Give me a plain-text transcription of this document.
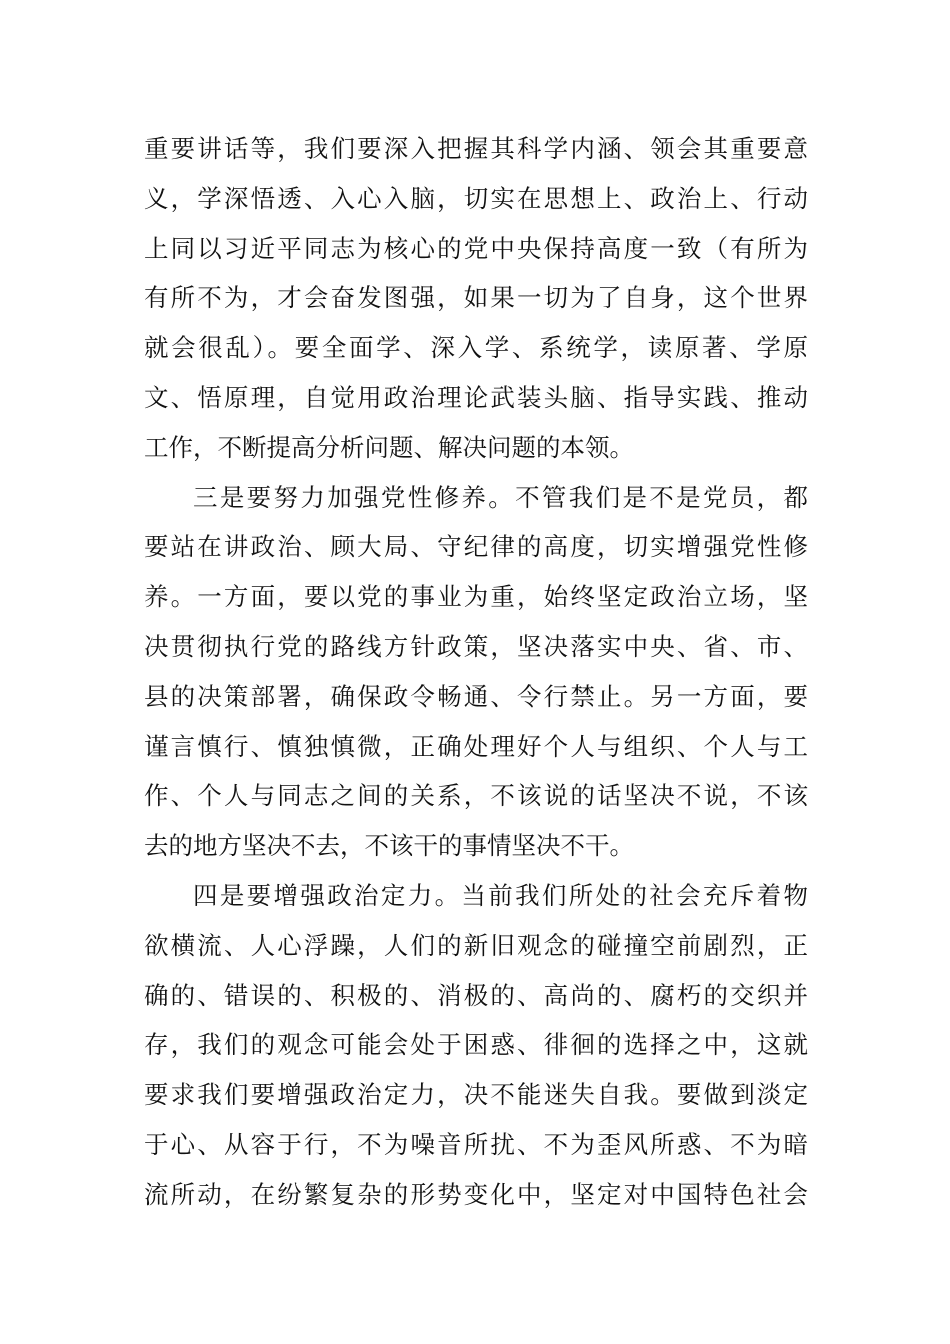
重要讲话等，我们要深入把握其科学内涵、领会其重要意
义，学深悟透、入心入脑，切实在思想上、政治上、行动
上同以习近平同志为核心的党中央保持高度一致（有所为
有所不为，才会奋发图强，如果一切为了自身，这个世界
就会很乱）。要全面学、深入学、系统学，读原著、学原
文、悟原理，自觉用政治理论武装头脑、指导实践、推动
工作，不断提高分析问题、解决问题的本领。
三是要努力加强党性修养。不管我们是不是党员，都
要站在讲政治、顾大局、守纪律的高度，切实增强党性修
养。一方面，要以党的事业为重，始终坚定政治立场，坚
决贯彻执行党的路线方针政策，坚决落实中央、省、市、
县的决策部署，确保政令畅通、令行禁止。另一方面，要
谨言慎行、慎独慎微，正确处理好个人与组织、个人与工
作、个人与同志之间的关系，不该说的话坚决不说，不该
去的地方坚决不去，不该干的事情坚决不干。
四是要增强政治定力。当前我们所处的社会充斥着物
欲横流、人心浮躁，人们的新旧观念的碰撞空前剧烈，正
确的、错误的、积极的、消极的、高尚的、腐朽的交织并
存，我们的观念可能会处于困惑、徘徊的选择之中，这就
要求我们要增强政治定力，决不能迷失自我。要做到淡定
于心、从容于行，不为噪音所扰、不为歪风所惑、不为暗
流所动，在纷繁复杂的形势变化中，坚定对中国特色社会
